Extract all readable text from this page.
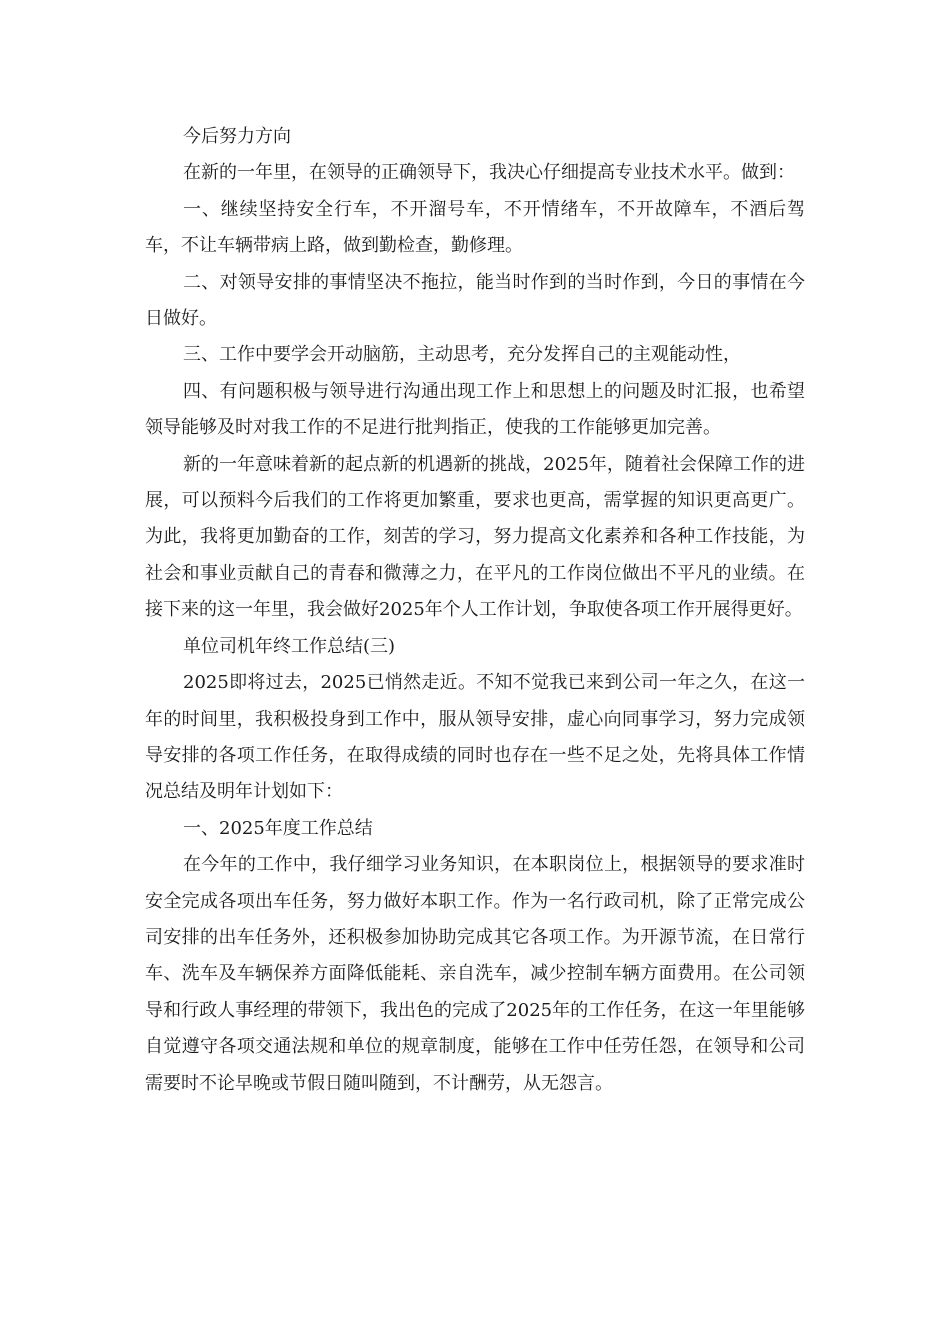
今后努力方向

在新的一年里，在领导的正确领导下，我决心仔细提高专业技术水平。做到：

一、继续坚持安全行车，不开溜号车，不开情绪车，不开故障车，不酒后驾车，不让车辆带病上路，做到勤检查，勤修理。

二、对领导安排的事情坚决不拖拉，能当时作到的当时作到，今日的事情在今日做好。

三、工作中要学会开动脑筋，主动思考，充分发挥自己的主观能动性，

四、有问题积极与领导进行沟通出现工作上和思想上的问题及时汇报，也希望领导能够及时对我工作的不足进行批判指正，使我的工作能够更加完善。

新的一年意味着新的起点新的机遇新的挑战，2025年，随着社会保障工作的进展，可以预料今后我们的工作将更加繁重，要求也更高，需掌握的知识更高更广。为此，我将更加勤奋的工作，刻苦的学习，努力提高文化素养和各种工作技能，为社会和事业贡献自己的青春和微薄之力，在平凡的工作岗位做出不平凡的业绩。在接下来的这一年里，我会做好2025年个人工作计划，争取使各项工作开展得更好。

单位司机年终工作总结(三)

2025即将过去，2025已悄然走近。不知不觉我已来到公司一年之久，在这一年的时间里，我积极投身到工作中，服从领导安排，虚心向同事学习，努力完成领导安排的各项工作任务，在取得成绩的同时也存在一些不足之处，先将具体工作情况总结及明年计划如下：

一、2025年度工作总结

在今年的工作中，我仔细学习业务知识，在本职岗位上，根据领导的要求准时安全完成各项出车任务，努力做好本职工作。作为一名行政司机，除了正常完成公司安排的出车任务外，还积极参加协助完成其它各项工作。为开源节流，在日常行车、洗车及车辆保养方面降低能耗、亲自洗车，减少控制车辆方面费用。在公司领导和行政人事经理的带领下，我出色的完成了2025年的工作任务，在这一年里能够自觉遵守各项交通法规和单位的规章制度，能够在工作中任劳任怨，在领导和公司需要时不论早晚或节假日随叫随到，不计酬劳，从无怨言。
